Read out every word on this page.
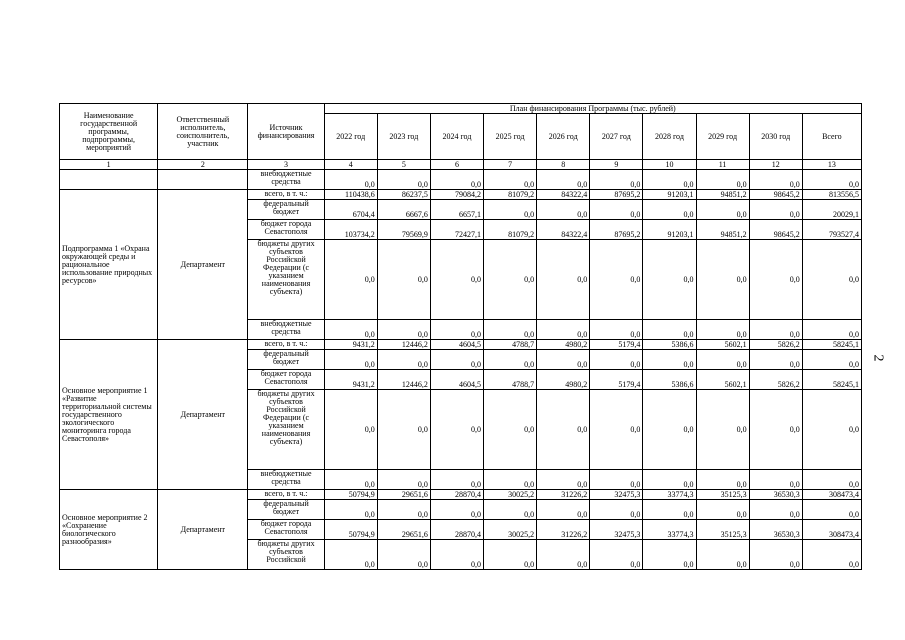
Наименование государственной программы, подпрограммы, мероприятий	Ответственный исполнитель, соисполнитель, участник	Источник финансирования	План финансирования Программы (тыс. рублей)									
			2022 год	2023 год	2024 год	2025 год	2026 год	2027 год	2028 год	2029 год	2030 год	Всего
1	2	3	4	5	6	7	8	9	10	11	12	13
		внебюджетные средства	0,0	0,0	0,0	0,0	0,0	0,0	0,0	0,0	0,0	0,0
Подпрограмма 1 «Охрана окружающей среды и рациональное использование природных ресурсов»	Департамент	всего, в т. ч.:	110438,6	86237,5	79084,2	81079,2	84322,4	87695,2	91203,1	94851,2	98645,2	813556,5
		федеральный бюджет	6704,4	6667,6	6657,1	0,0	0,0	0,0	0,0	0,0	0,0	20029,1
		бюджет города Севастополя	103734,2	79569,9	72427,1	81079,2	84322,4	87695,2	91203,1	94851,2	98645,2	793527,4
		бюджеты других субъектов Российской Федерации (с указанием наименования субъекта)	0,0	0,0	0,0	0,0	0,0	0,0	0,0	0,0	0,0	0,0
		внебюджетные средства	0,0	0,0	0,0	0,0	0,0	0,0	0,0	0,0	0,0	0,0
Основное мероприятие 1 «Развитие территориальной системы государственного экологического мониторинга города Севастополя»	Департамент	всего, в т. ч.:	9431,2	12446,2	4604,5	4788,7	4980,2	5179,4	5386,6	5602,1	5826,2	58245,1
		федеральный бюджет	0,0	0,0	0,0	0,0	0,0	0,0	0,0	0,0	0,0	0,0
		бюджет города Севастополя	9431,2	12446,2	4604,5	4788,7	4980,2	5179,4	5386,6	5602,1	5826,2	58245,1
		бюджеты других субъектов Российской Федерации (с указанием наименования субъекта)	0,0	0,0	0,0	0,0	0,0	0,0	0,0	0,0	0,0	0,0
		внебюджетные средства	0,0	0,0	0,0	0,0	0,0	0,0	0,0	0,0	0,0	0,0
Основное мероприятие 2 «Сохранение биологического разнообразия»	Департамент	всего, в т. ч.:	50794,9	29651,6	28870,4	30025,2	31226,2	32475,3	33774,3	35125,3	36530,3	308473,4
		федеральный бюджет	0,0	0,0	0,0	0,0	0,0	0,0	0,0	0,0	0,0	0,0
		бюджет города Севастополя	50794,9	29651,6	28870,4	30025,2	31226,2	32475,3	33774,3	35125,3	36530,3	308473,4
		бюджеты других субъектов Российской	0,0	0,0	0,0	0,0	0,0	0,0	0,0	0,0	0,0	0,0
2
